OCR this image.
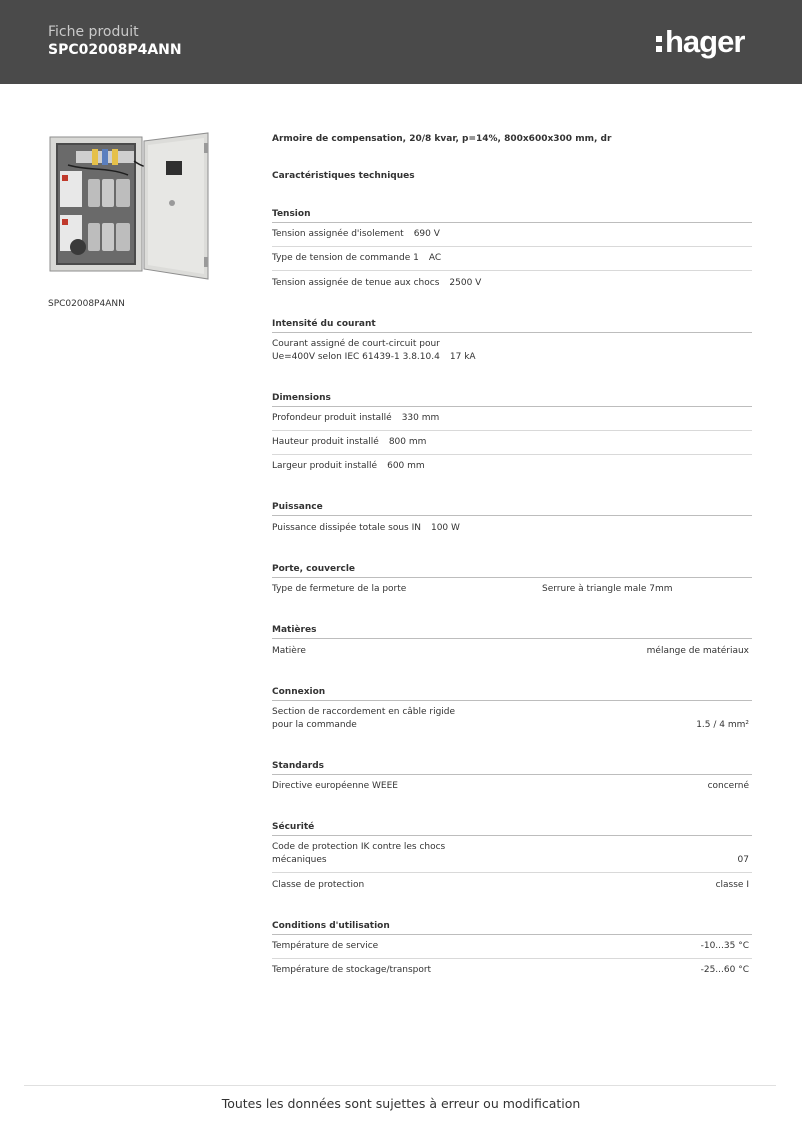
Fiche produit
SPC02008P4ANN	hager
SPC02008P4ANN
Armoire de compensation, 20/8 kvar, p=14%, 800x600x300 mm, dr
Caractéristiques techniques
Tension
Tension assignée d'isolement 690 V
Type de tension de commande 1 AC
Tension assignée de tenue aux chocs 2500 V
Intensité du courant
Courant assigné de court-circuit pour
Ue=400V selon IEC 61439-1 3.8.10.4 17 kA
Dimensions
Profondeur produit installé 330 mm
Hauteur produit installé 800 mm
Largeur produit installé 600 mm
Puissance
Puissance dissipée totale sous IN 100 W
Porte, couvercle
Type de fermeture de la porte	Serrure à triangle male 7mm
Matières
Matière	mélange de matériaux
Connexion
Section de raccordement en câble rigide
pour la commande	1.5 / 4 mm²
Standards
Directive européenne WEEE	concerné
Sécurité
Code de protection IK contre les chocs
mécaniques	07
Classe de protection	classe I
Conditions d'utilisation
Température de service	-10...35 °C
Température de stockage/transport	-25...60 °C
Toutes les données sont sujettes à erreur ou modification
